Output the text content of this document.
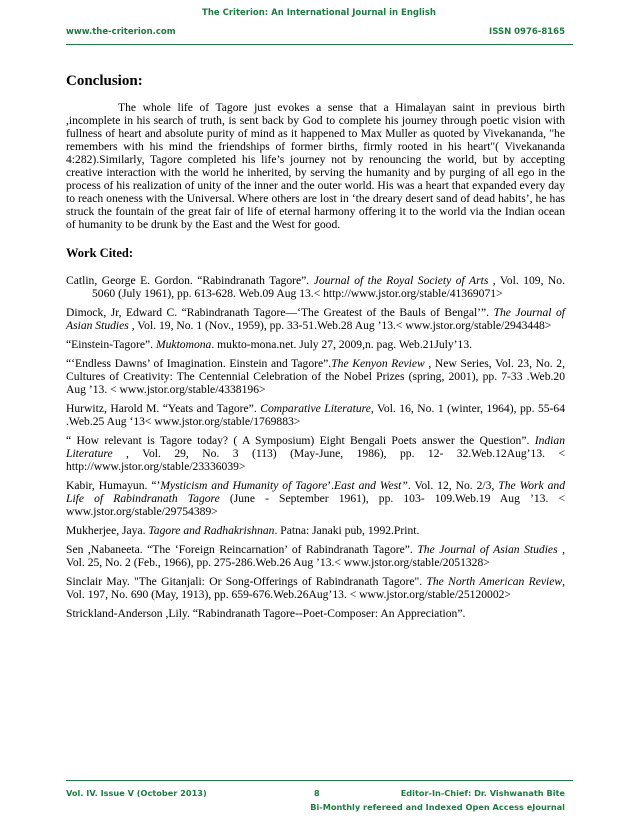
The Criterion: An International Journal in English
www.the-criterion.com	ISSN 0976-8165
Conclusion:

The whole life of Tagore just evokes a sense that a Himalayan saint in previous birth ,incomplete in his search of truth, is sent back by God to complete his journey through poetic vision with fullness of heart and absolute purity of mind as it happened to Max Muller as quoted by Vivekananda, "he remembers with his mind the friendships of former births, firmly rooted in his heart"( Vivekananda 4:282).Similarly, Tagore completed his life’s journey not by renouncing the world, but by accepting creative interaction with the world he inherited, by serving the humanity and by purging of all ego in the process of his realization of unity of the inner and the outer world. His was a heart that expanded every day to reach oneness with the Universal. Where others are lost in ‘the dreary desert sand of dead habits’, he has struck the fountain of the great fair of life of eternal harmony offering it to the world via the Indian ocean of humanity to be drunk by the East and the West for good.

Work Cited:

Catlin, George E. Gordon. “Rabindranath Tagore”. Journal of the Royal Society of Arts , Vol. 109, No. 5060 (July 1961), pp. 613-628. Web.09 Aug 13.< http://www.jstor.org/stable/41369071>

Dimock, Jr, Edward C. “Rabindranath Tagore—‘The Greatest of the Bauls of Bengal’”. The Journal of Asian Studies , Vol. 19, No. 1 (Nov., 1959), pp. 33-51.Web.28 Aug ’13.< www.jstor.org/stable/2943448>

“Einstein-Tagore”. Muktomona. mukto-mona.net. July 27, 2009,n. pag. Web.21July’13.

“‘Endless Dawns’ of Imagination. Einstein and Tagore”.The Kenyon Review , New Series, Vol. 23, No. 2, Cultures of Creativity: The Centennial Celebration of the Nobel Prizes (spring, 2001), pp. 7-33 .Web.20 Aug ’13. < www.jstor.org/stable/4338196>

Hurwitz, Harold M. “Yeats and Tagore”. Comparative Literature, Vol. 16, No. 1 (winter, 1964), pp. 55-64 .Web.25 Aug ‘13< www.jstor.org/stable/1769883>

“ How relevant is Tagore today? ( A Symposium) Eight Bengali Poets answer the Question”. Indian Literature , Vol. 29, No. 3 (113) (May-June, 1986), pp. 12- 32.Web.12Aug’13. < http://www.jstor.org/stable/23336039>

Kabir, Humayun. “’Mysticism and Humanity of Tagore’.East and West”. Vol. 12, No. 2/3, The Work and Life of Rabindranath Tagore (June - September 1961), pp. 103- 109.Web.19 Aug ’13. < www.jstor.org/stable/29754389>

Mukherjee, Jaya. Tagore and Radhakrishnan. Patna: Janaki pub, 1992.Print.

Sen ,Nabaneeta. “The ‘Foreign Reincarnation’ of Rabindranath Tagore”. The Journal of Asian Studies , Vol. 25, No. 2 (Feb., 1966), pp. 275-286.Web.26 Aug ’13.< www.jstor.org/stable/2051328>

Sinclair May. "The Gitanjali: Or Song-Offerings of Rabindranath Tagore". The North American Review, Vol. 197, No. 690 (May, 1913), pp. 659-676.Web.26Aug’13. < www.jstor.org/stable/25120002>

Strickland-Anderson ,Lily. “Rabindranath Tagore--Poet-Composer: An Appreciation”.

Vol. IV. Issue V (October 2013)	8	Editor-In-Chief: Dr. Vishwanath Bite
Bi-Monthly refereed and Indexed Open Access eJournal
